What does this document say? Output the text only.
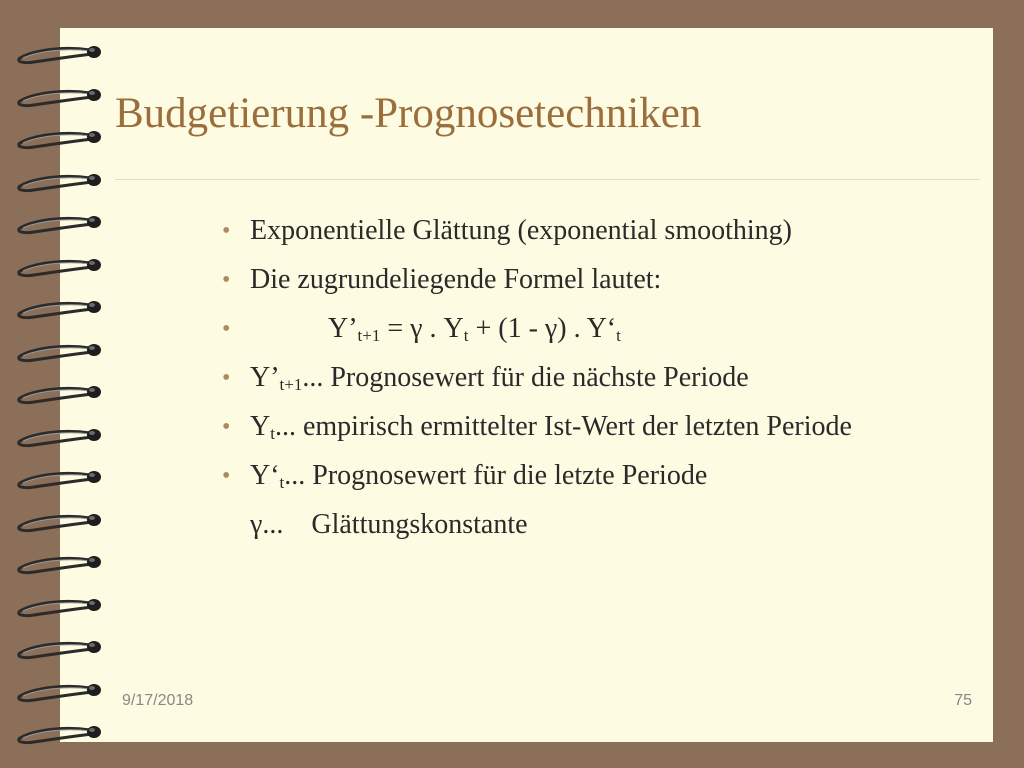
Budgetierung -Prognosetechniken
• Exponentielle Glättung (exponential smoothing)
• Die zugrundeliegende Formel lautet:
•	$Y’_{t+1} = \gamma$ . $Y_t + (1 - \gamma)$ . $Y‘_t$
• $Y’_{t+1}$... Prognosewert für die nächste Periode
• $Y_t$... empirisch ermittelter Ist-Wert der letzten Periode
• $Y‘_t$... Prognosewert für die letzte Periode
γ... Glättungskonstante
9/17/2018	75
